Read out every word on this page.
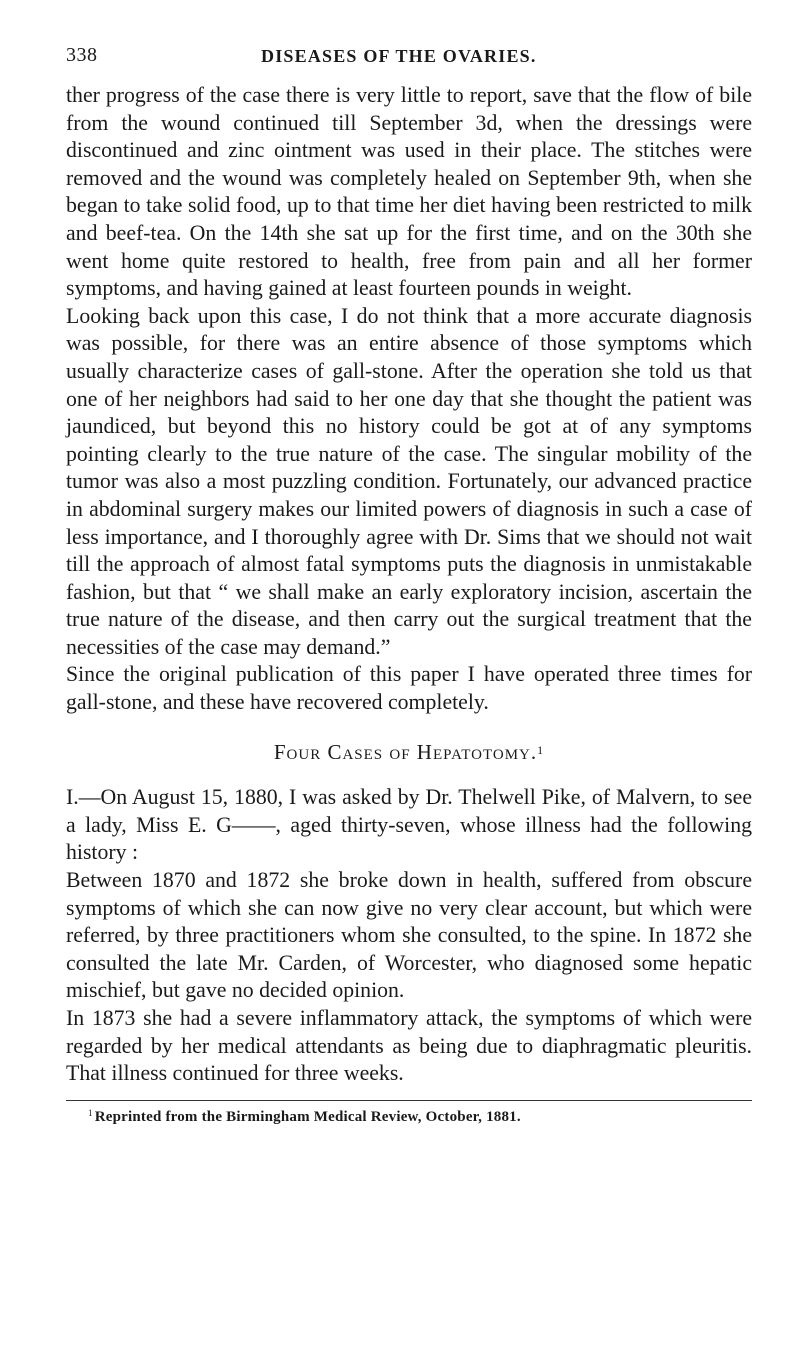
338	DISEASES OF THE OVARIES.

ther progress of the case there is very little to report, save that the flow of bile from the wound continued till September 3d, when the dressings were discontinued and zinc ointment was used in their place. The stitches were removed and the wound was completely healed on September 9th, when she began to take solid food, up to that time her diet having been restricted to milk and beef-tea. On the 14th she sat up for the first time, and on the 30th she went home quite restored to health, free from pain and all her former symptoms, and having gained at least fourteen pounds in weight.

Looking back upon this case, I do not think that a more accurate diagnosis was possible, for there was an entire absence of those symptoms which usually characterize cases of gall-stone. After the operation she told us that one of her neighbors had said to her one day that she thought the patient was jaundiced, but beyond this no history could be got at of any symptoms pointing clearly to the true nature of the case. The singular mobility of the tumor was also a most puzzling condition. Fortunately, our advanced practice in abdominal surgery makes our limited powers of diagnosis in such a case of less importance, and I thoroughly agree with Dr. Sims that we should not wait till the approach of almost fatal symptoms puts the diagnosis in unmistakable fashion, but that “ we shall make an early exploratory incision, ascertain the true nature of the disease, and then carry out the surgical treatment that the necessities of the case may demand.”

Since the original publication of this paper I have operated three times for gall-stone, and these have recovered completely.

Four Cases of Hepatotomy.$^1$

I.—On August 15, 1880, I was asked by Dr. Thelwell Pike, of Malvern, to see a lady, Miss E. G——, aged thirty-seven, whose illness had the following history :

Between 1870 and 1872 she broke down in health, suffered from obscure symptoms of which she can now give no very clear account, but which were referred, by three practitioners whom she consulted, to the spine. In 1872 she consulted the late Mr. Carden, of Worcester, who diagnosed some hepatic mischief, but gave no decided opinion.

In 1873 she had a severe inflammatory attack, the symptoms of which were regarded by her medical attendants as being due to diaphragmatic pleuritis. That illness continued for three weeks.

$^1$ Reprinted from the Birmingham Medical Review, October, 1881.
